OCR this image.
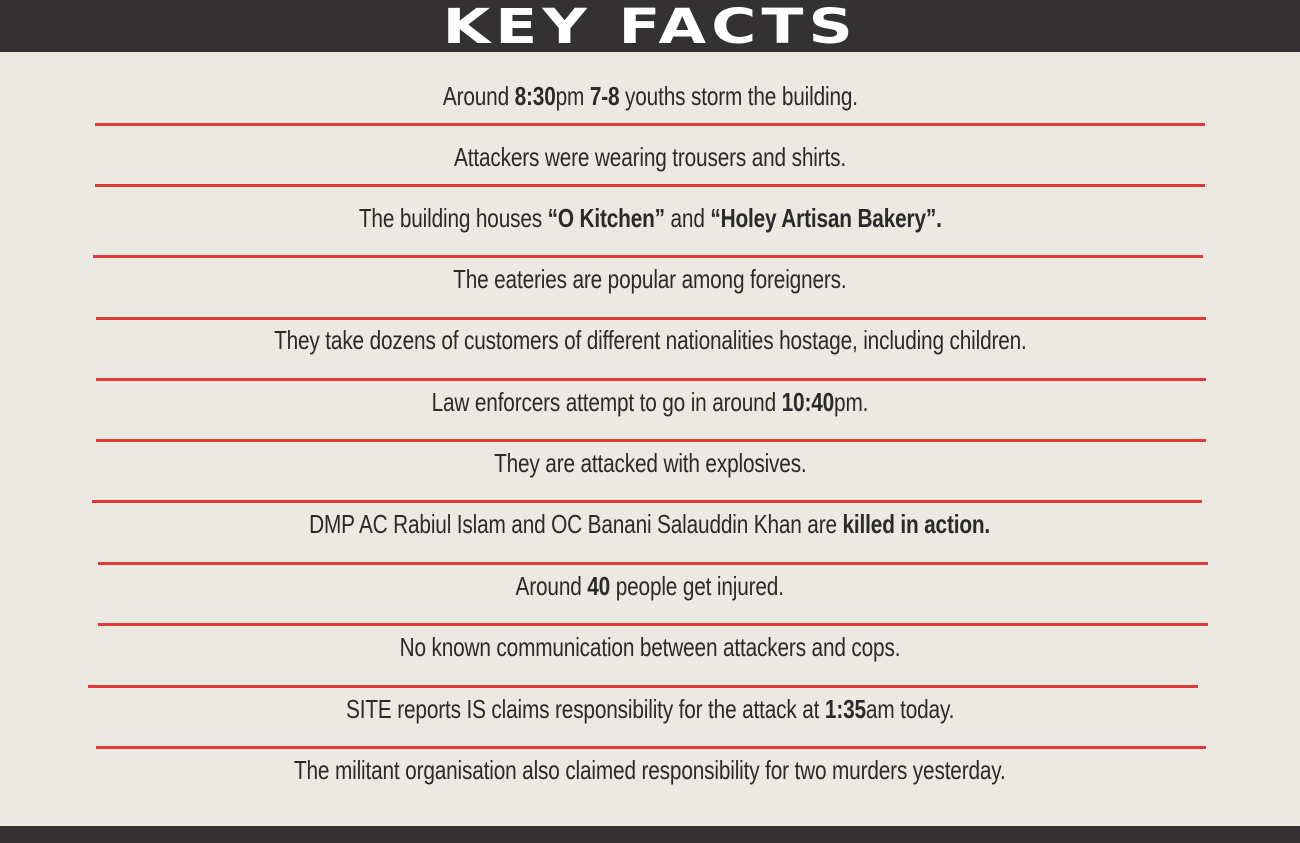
KEY FACTS
Around 8:30pm 7-8 youths storm the building.
Attackers were wearing trousers and shirts.
The building houses “O Kitchen” and “Holey Artisan Bakery”.
The eateries are popular among foreigners.
They take dozens of customers of different nationalities hostage, including children.
Law enforcers attempt to go in around 10:40pm.
They are attacked with explosives.
DMP AC Rabiul Islam and OC Banani Salauddin Khan are killed in action.
Around 40 people get injured.
No known communication between attackers and cops.
SITE reports IS claims responsibility for the attack at 1:35am today.
The militant organisation also claimed responsibility for two murders yesterday.
